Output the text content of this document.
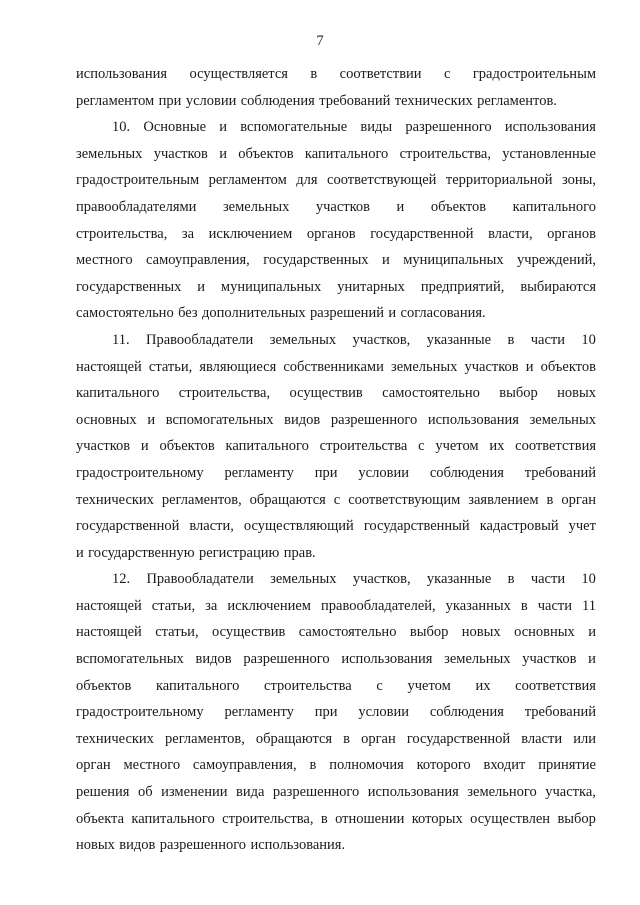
7
использования осуществляется в соответствии с градостроительным
регламентом при условии соблюдения требований технических регламентов.
10. Основные и вспомогательные виды разрешенного использования
земельных участков и объектов капитального строительства, установленные
градостроительным регламентом для соответствующей территориальной зоны,
правообладателями земельных участков и объектов капитального
строительства, за исключением органов государственной власти, органов
местного самоуправления, государственных и муниципальных учреждений,
государственных и муниципальных унитарных предприятий, выбираются
самостоятельно без дополнительных разрешений и согласования.
11. Правообладатели земельных участков, указанные в части 10
настоящей статьи, являющиеся собственниками земельных участков и объектов
капитального строительства, осуществив самостоятельно выбор новых
основных и вспомогательных видов разрешенного использования земельных
участков и объектов капитального строительства с учетом их соответствия
градостроительному регламенту при условии соблюдения требований
технических регламентов, обращаются с соответствующим заявлением в орган
государственной власти, осуществляющий государственный кадастровый учет
и государственную регистрацию прав.
12. Правообладатели земельных участков, указанные в части 10
настоящей статьи, за исключением правообладателей, указанных в части 11
настоящей статьи, осуществив самостоятельно выбор новых основных и
вспомогательных видов разрешенного использования земельных участков и
объектов капитального строительства с учетом их соответствия
градостроительному регламенту при условии соблюдения требований
технических регламентов, обращаются в орган государственной власти или
орган местного самоуправления, в полномочия которого входит принятие
решения об изменении вида разрешенного использования земельного участка,
объекта капитального строительства, в отношении которых осуществлен выбор
новых видов разрешенного использования.
